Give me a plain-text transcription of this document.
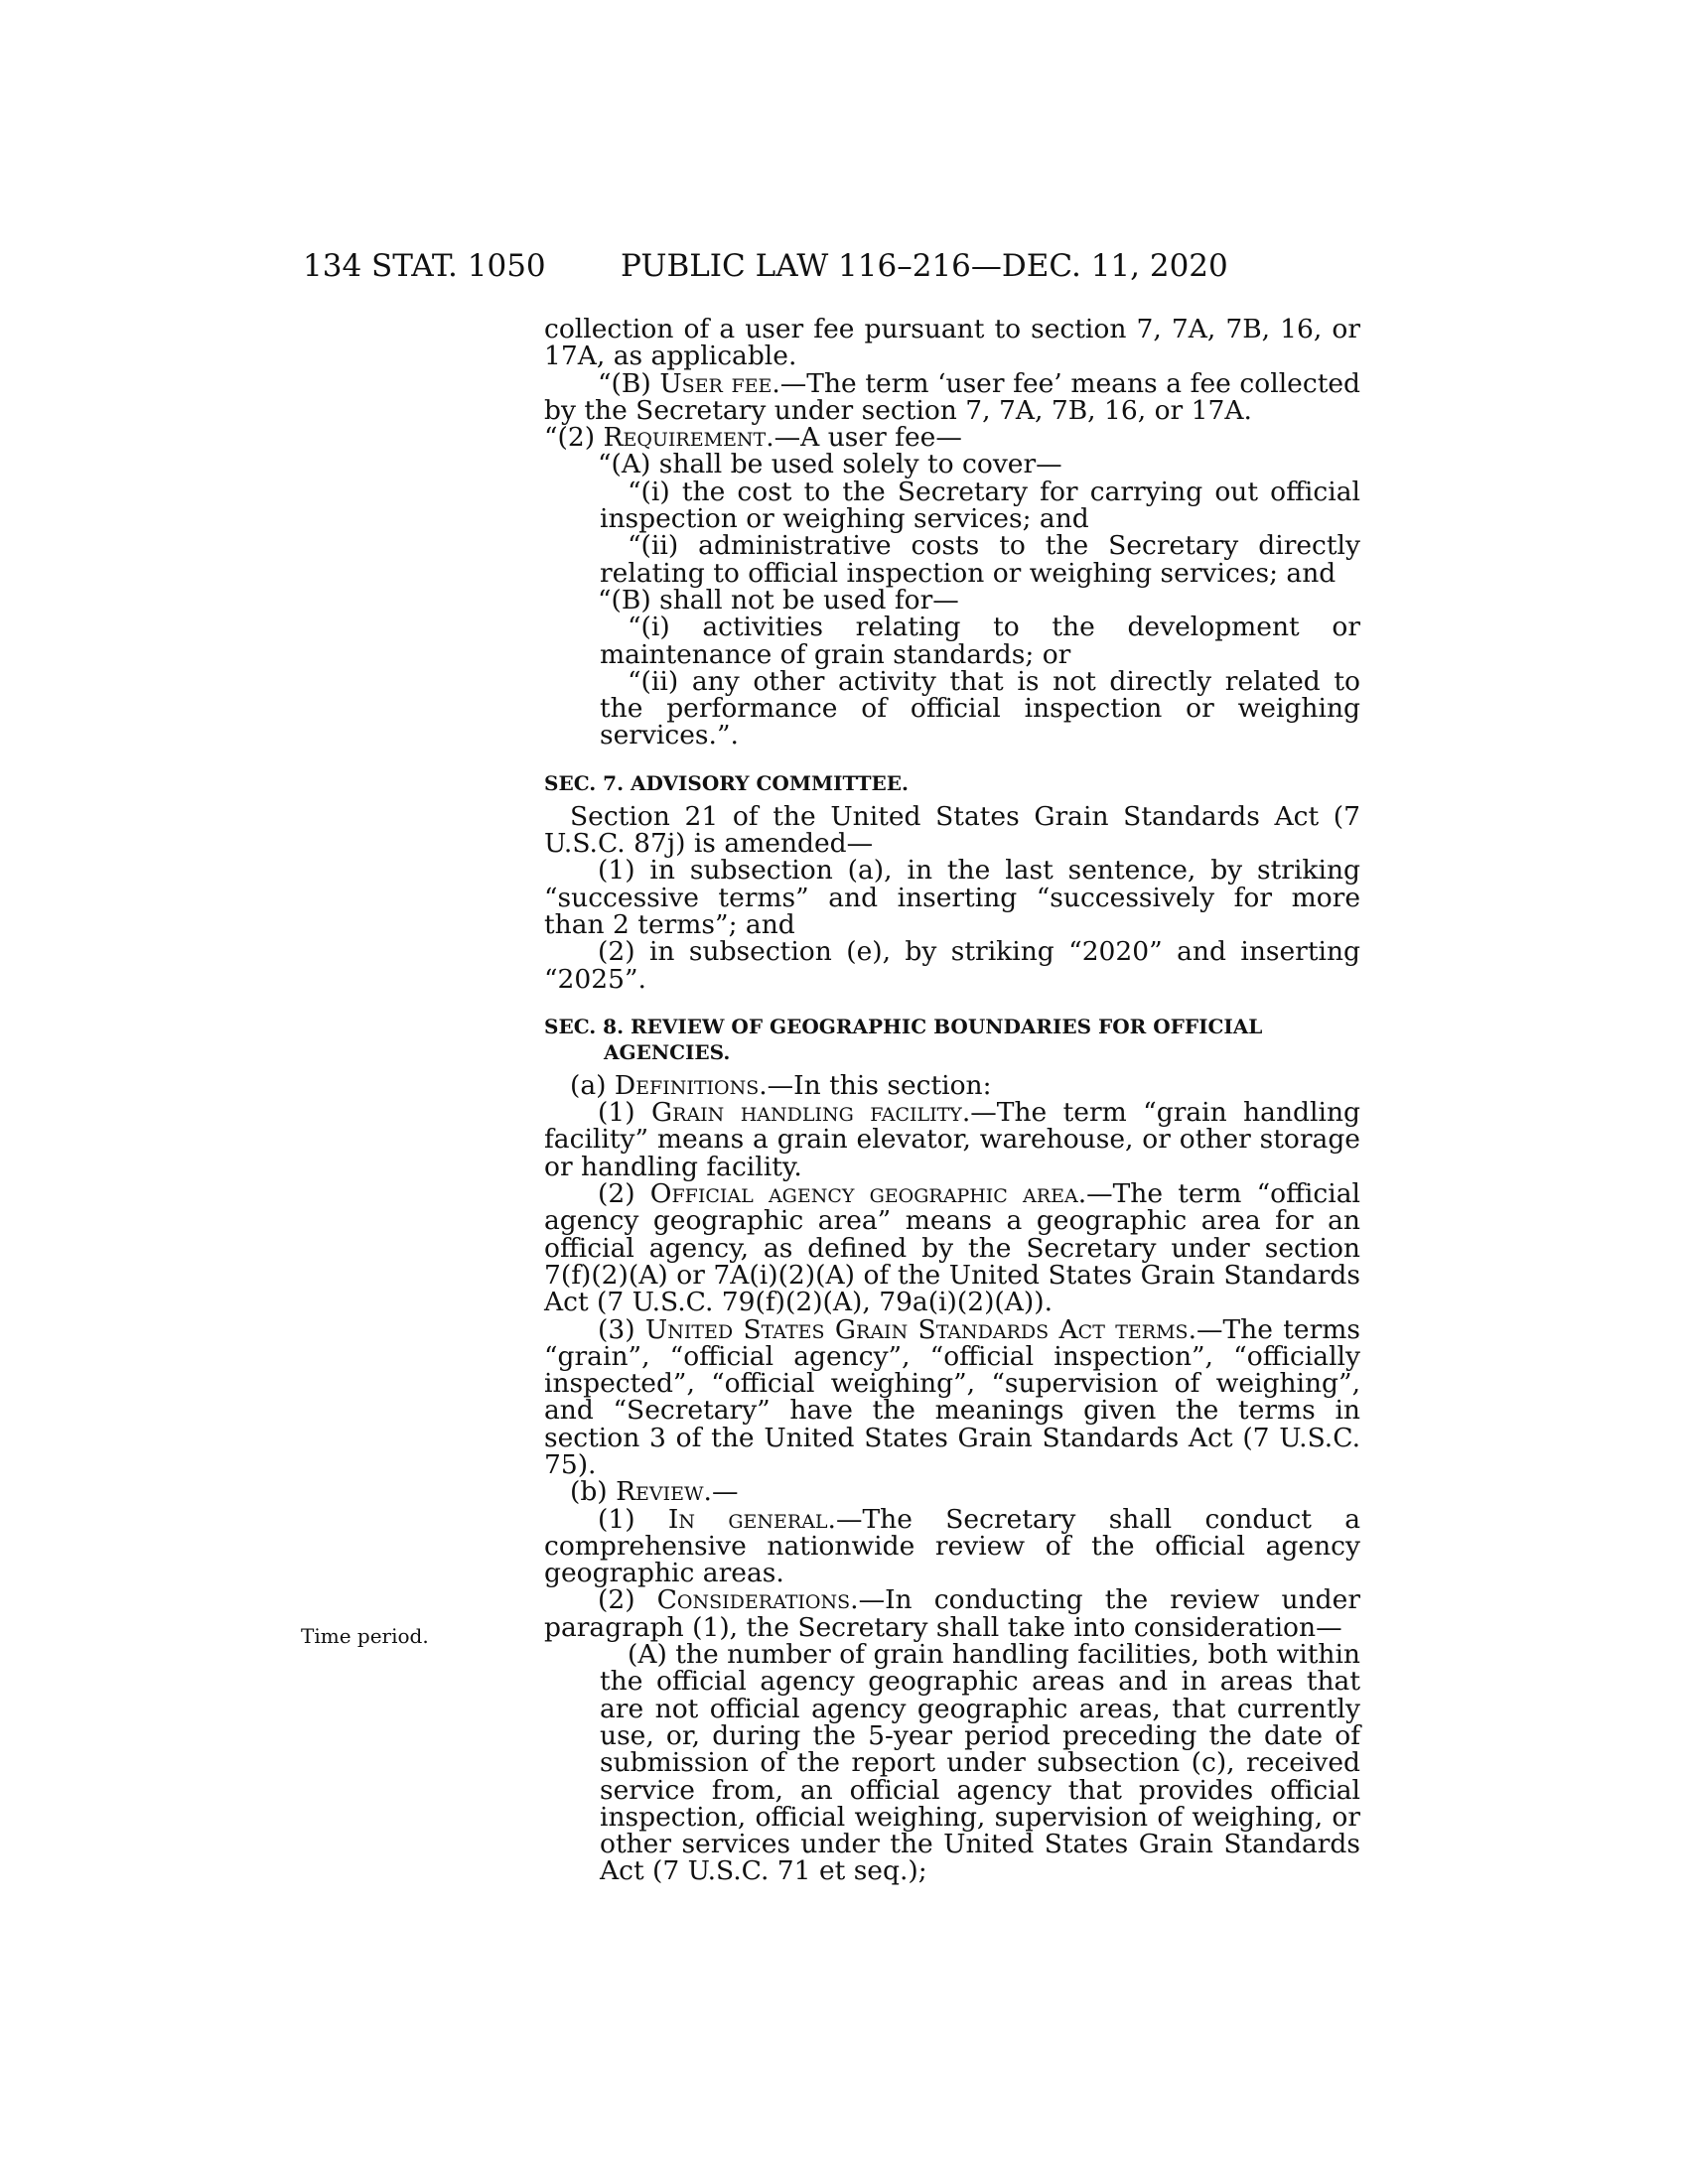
134 STAT. 1050 PUBLIC LAW 116–216—DEC. 11, 2020
Time period.

collection of a user fee pursuant to section 7, 7A, 7B, 16, or 17A, as applicable.

“(B) User fee.—The term ‘user fee’ means a fee collected by the Secretary under section 7, 7A, 7B, 16, or 17A.

“(2) Requirement.—A user fee—

“(A) shall be used solely to cover—

“(i) the cost to the Secretary for carrying out official inspection or weighing services; and

“(ii) administrative costs to the Secretary directly relating to official inspection or weighing services; and

“(B) shall not be used for—

“(i) activities relating to the development or maintenance of grain standards; or

“(ii) any other activity that is not directly related to the performance of official inspection or weighing services.”.

SEC. 7. ADVISORY COMMITTEE.

Section 21 of the United States Grain Standards Act (7 U.S.C. 87j) is amended—

(1) in subsection (a), in the last sentence, by striking “successive terms” and inserting “successively for more than 2 terms”; and

(2) in subsection (e), by striking “2020” and inserting “2025”.

SEC. 8. REVIEW OF GEOGRAPHIC BOUNDARIES FOR OFFICIAL AGENCIES.

(a) Definitions.—In this section:

(1) Grain handling facility.—The term “grain handling facility” means a grain elevator, warehouse, or other storage or handling facility.

(2) Official agency geographic area.—The term “official agency geographic area” means a geographic area for an official agency, as defined by the Secretary under section 7(f)(2)(A) or 7A(i)(2)(A) of the United States Grain Standards Act (7 U.S.C. 79(f)(2)(A), 79a(i)(2)(A)).

(3) United States Grain Standards Act terms.—The terms “grain”, “official agency”, “official inspection”, “officially inspected”, “official weighing”, “supervision of weighing”, and “Secretary” have the meanings given the terms in section 3 of the United States Grain Standards Act (7 U.S.C. 75).

(b) Review.—

(1) In general.—The Secretary shall conduct a comprehensive nationwide review of the official agency geographic areas.

(2) Considerations.—In conducting the review under paragraph (1), the Secretary shall take into consideration—

(A) the number of grain handling facilities, both within the official agency geographic areas and in areas that are not official agency geographic areas, that currently use, or, during the 5-year period preceding the date of submission of the report under subsection (c), received service from, an official agency that provides official inspection, official weighing, supervision of weighing, or other services under the United States Grain Standards Act (7 U.S.C. 71 et seq.);
